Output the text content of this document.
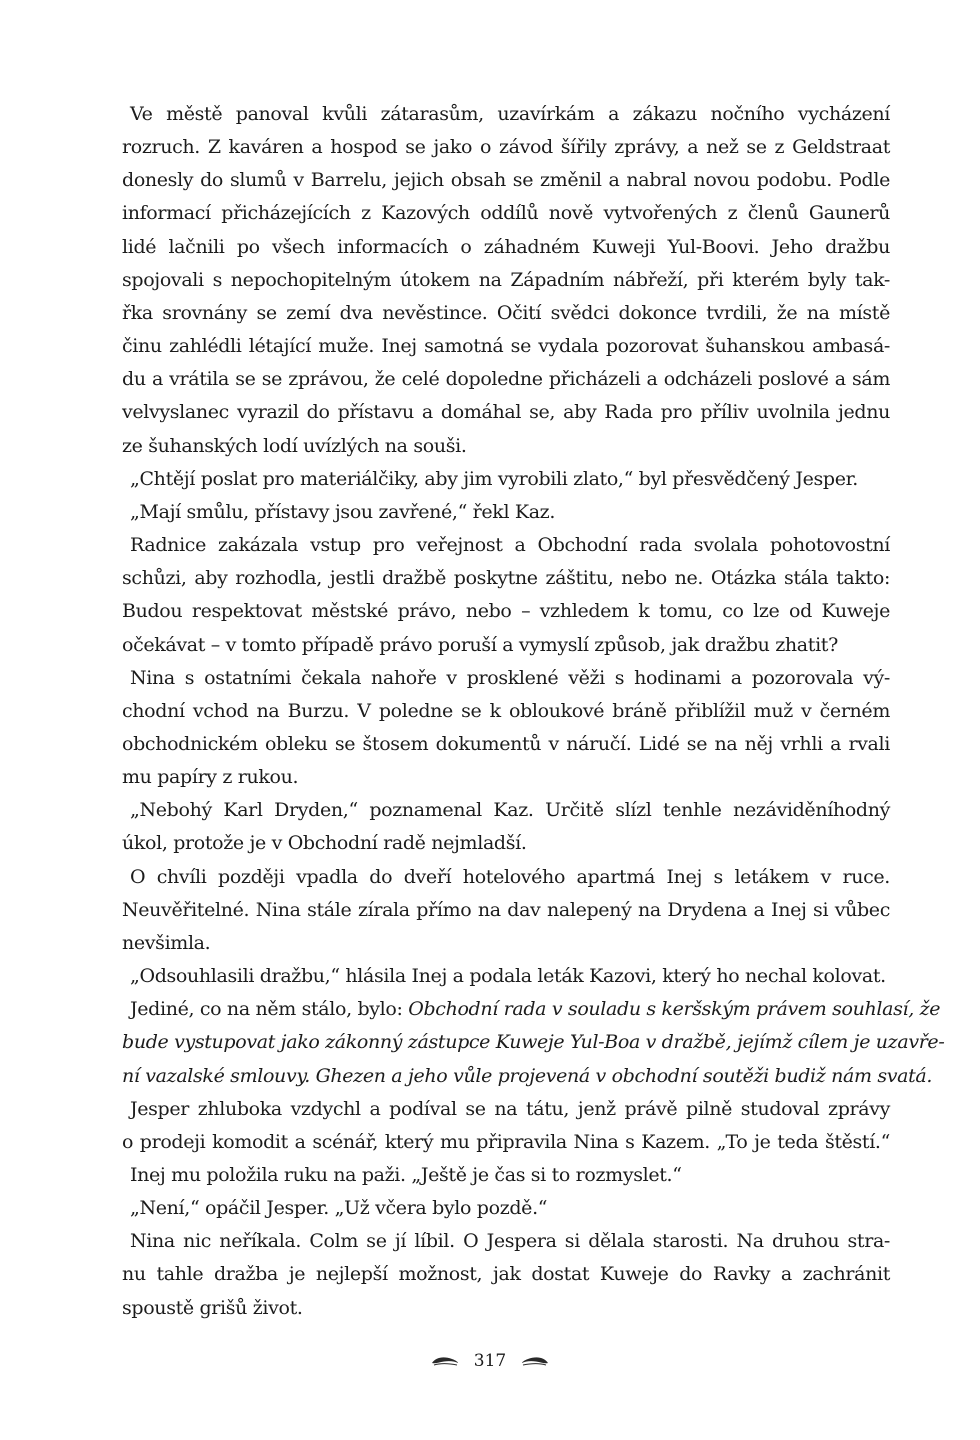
Ve městě panoval kvůli zátarasům, uzavírkám a zákazu nočního vycházení
rozruch. Z kaváren a hospod se jako o závod šířily zprávy, a než se z Geldstraat
donesly do slumů v Barrelu, jejich obsah se změnil a nabral novou podobu. Podle
informací přicházejících z Kazových oddílů nově vytvořených z členů Gaunerů
lidé lačnili po všech informacích o záhadném Kuweji Yul-Boovi. Jeho dražbu
spojovali s nepochopitelným útokem na Západním nábřeží, při kterém byly tak-
řka srovnány se zemí dva nevěstince. Očití svědci dokonce tvrdili, že na místě
činu zahlédli létající muže. Inej samotná se vydala pozorovat šuhanskou ambasá-
du a vrátila se se zprávou, že celé dopoledne přicházeli a odcházeli poslové a sám
velvyslanec vyrazil do přístavu a domáhal se, aby Rada pro příliv uvolnila jednu
ze šuhanských lodí uvízlých na souši.
„Chtějí poslat pro materiálčiky, aby jim vyrobili zlato,“ byl přesvědčený Jesper.
„Mají smůlu, přístavy jsou zavřené,“ řekl Kaz.
Radnice zakázala vstup pro veřejnost a Obchodní rada svolala pohotovostní
schůzi, aby rozhodla, jestli dražbě poskytne záštitu, nebo ne. Otázka stála takto:
Budou respektovat městské právo, nebo – vzhledem k tomu, co lze od Kuweje
očekávat – v tomto případě právo poruší a vymyslí způsob, jak dražbu zhatit?
Nina s ostatními čekala nahoře v prosklené věži s hodinami a pozorovala vý-
chodní vchod na Burzu. V poledne se k obloukové bráně přiblížil muž v černém
obchodnickém obleku se štosem dokumentů v náručí. Lidé se na něj vrhli a rvali
mu papíry z rukou.
„Nebohý Karl Dryden,“ poznamenal Kaz. Určitě slízl tenhle nezáviděníhodný
úkol, protože je v Obchodní radě nejmladší.
O chvíli později vpadla do dveří hotelového apartmá Inej s letákem v ruce.
Neuvěřitelné. Nina stále zírala přímo na dav nalepený na Drydena a Inej si vůbec
nevšimla.
„Odsouhlasili dražbu,“ hlásila Inej a podala leták Kazovi, který ho nechal kolovat.
Jediné, co na něm stálo, bylo: Obchodní rada v souladu s keršským právem souhlasí, že
bude vystupovat jako zákonný zástupce Kuweje Yul-Boa v dražbě, jejímž cílem je uzavře-
ní vazalské smlouvy. Ghezen a jeho vůle projevená v obchodní soutěži budiž nám svatá.
Jesper zhluboka vzdychl a podíval se na tátu, jenž právě pilně studoval zprávy
o prodeji komodit a scénář, který mu připravila Nina s Kazem. „To je teda štěstí.“
Inej mu položila ruku na paži. „Ještě je čas si to rozmyslet.“
„Není,“ opáčil Jesper. „Už včera bylo pozdě.“
Nina nic neříkala. Colm se jí líbil. O Jespera si dělala starosti. Na druhou stra-
nu tahle dražba je nejlepší možnost, jak dostat Kuweje do Ravky a zachránit
spoustě grišů život.
317
